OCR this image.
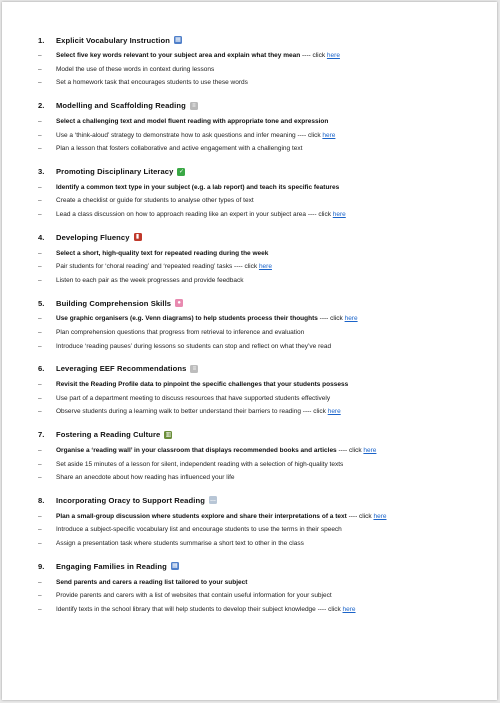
1.	Explicit Vocabulary Instruction ▦
–	Select five key words relevant to your subject area and explain what they mean ---- click here
–	Model the use of these words in context during lessons
–	Set a homework task that encourages students to use these words
2.	Modelling and Scaffolding Reading	≡
–	Select a challenging text and model fluent reading with appropriate tone and expression
–	Use a ‘think-aloud’ strategy to demonstrate how to ask questions and infer meaning ---- click here
–	Plan a lesson that fosters collaborative and active engagement with a challenging text
3.	Promoting Disciplinary Literacy ✓
–	Identify a common text type in your subject (e.g. a lab report) and teach its specific features
–	Create a checklist or guide for students to analyse other types of text
–	Lead a class discussion on how to approach reading like an expert in your subject area ---- click here
4.	Developing Fluency	▮
–	Select a short, high-quality text for repeated reading during the week
–	Pair students for ‘choral reading’ and ‘repeated reading’ tasks ---- click here
–	Listen to each pair as the week progresses and provide feedback
5.	Building Comprehension Skills	●
–	Use graphic organisers (e.g. Venn diagrams) to help students process their thoughts ---- click here
–	Plan comprehension questions that progress from retrieval to inference and evaluation
–	Introduce ‘reading pauses’ during lessons so students can stop and reflect on what they’ve read
6.	Leveraging EEF Recommendations	≡
–	Revisit the Reading Profile data to pinpoint the specific challenges that your students possess
–	Use part of a department meeting to discuss resources that have supported students effectively
–	Observe students during a learning walk to better understand their barriers to reading ---- click here
7.	Fostering a Reading Culture ▥
–	Organise a ‘reading wall’ in your classroom that displays recommended books and articles ---- click here
–	Set aside 15 minutes of a lesson for silent, independent reading with a selection of high-quality texts
–	Share an anecdote about how reading has influenced your life
8.	Incorporating Oracy to Support Reading …
–	Plan a small-group discussion where students explore and share their interpretations of a text ---- click here
–	Introduce a subject-specific vocabulary list and encourage students to use the terms in their speech
–	Assign a presentation task where students summarise a short text to other in the class
9.	Engaging Families in Reading ▦
–	Send parents and carers a reading list tailored to your subject
–	Provide parents and carers with a list of websites that contain useful information for your subject
–	Identify texts in the school library that will help students to develop their subject knowledge ---- click here
